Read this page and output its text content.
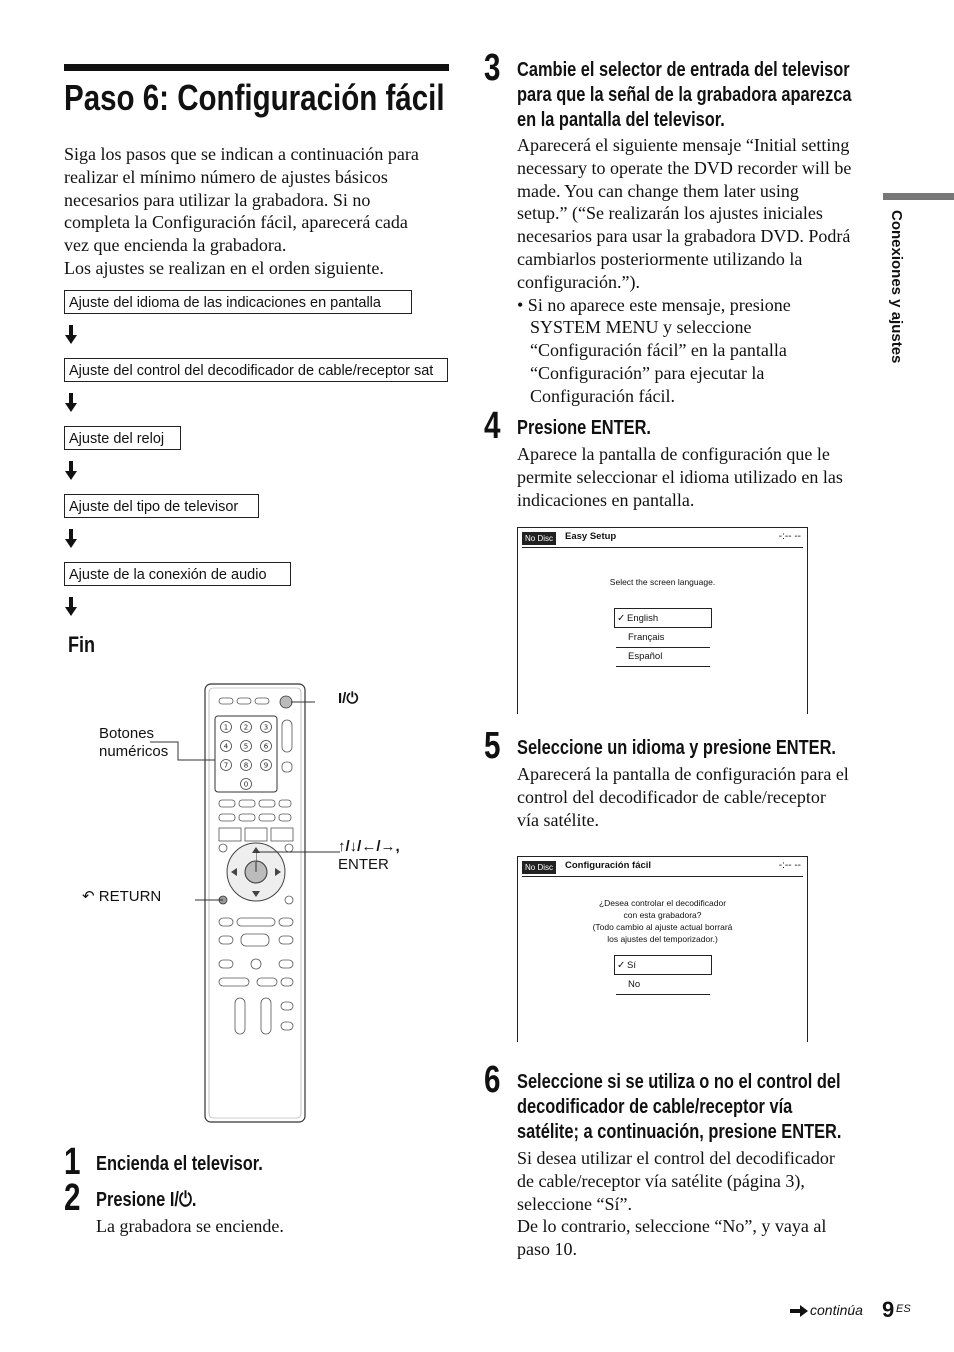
Paso 6: Configuración fácil
Siga los pasos que se indican a continuación para
realizar el mínimo número de ajustes básicos
necesarios para utilizar la grabadora. Si no
completa la Configuración fácil, aparecerá cada
vez que encienda la grabadora.
Los ajustes se realizan en el orden siguiente.
Ajuste del idioma de las indicaciones en pantalla
Ajuste del control del decodificador de cable/receptor sat
Ajuste del reloj
Ajuste del tipo de televisor
Ajuste de la conexión de audio
Fin
1 2 3
4 5 6
7 8 9
0
I/⏻
Botones
numéricos
↑/↓/←/→,
ENTER
↶ RETURN
1 Encienda el televisor.
2 Presione I/⏻.
La grabadora se enciende.
3 Cambie el selector de entrada del televisor
para que la señal de la grabadora aparezca
en la pantalla del televisor.
Aparecerá el siguiente mensaje “Initial setting
necessary to operate the DVD recorder will be
made. You can change them later using
setup.” (“Se realizarán los ajustes iniciales
necesarios para usar la grabadora DVD. Podrá
cambiarlos posteriormente utilizando la
configuración.”).
• Si no aparece este mensaje, presione
SYSTEM MENU y seleccione
“Configuración fácil” en la pantalla
“Configuración” para ejecutar la
Configuración fácil.
4 Presione ENTER.
Aparece la pantalla de configuración que le
permite seleccionar el idioma utilizado en las
indicaciones en pantalla.
No Disc	Easy Setup	-:-- --
Select the screen language.
✓ English
Français
Español
5 Seleccione un idioma y presione ENTER.
Aparecerá la pantalla de configuración para el
control del decodificador de cable/receptor
vía satélite.
No Disc	Configuración fácil	-:-- --
¿Desea controlar el decodificador
con esta grabadora?
(Todo cambio al ajuste actual borrará
los ajustes del temporizador.)
✓ Sí
No
6 Seleccione si se utiliza o no el control del
decodificador de cable/receptor vía
satélite; a continuación, presione ENTER.
Si desea utilizar el control del decodificador
de cable/receptor vía satélite (página 3),
seleccione “Sí”.
De lo contrario, seleccione “No”, y vaya al
paso 10.
Conexiones y ajustes
continúa 9 ES
